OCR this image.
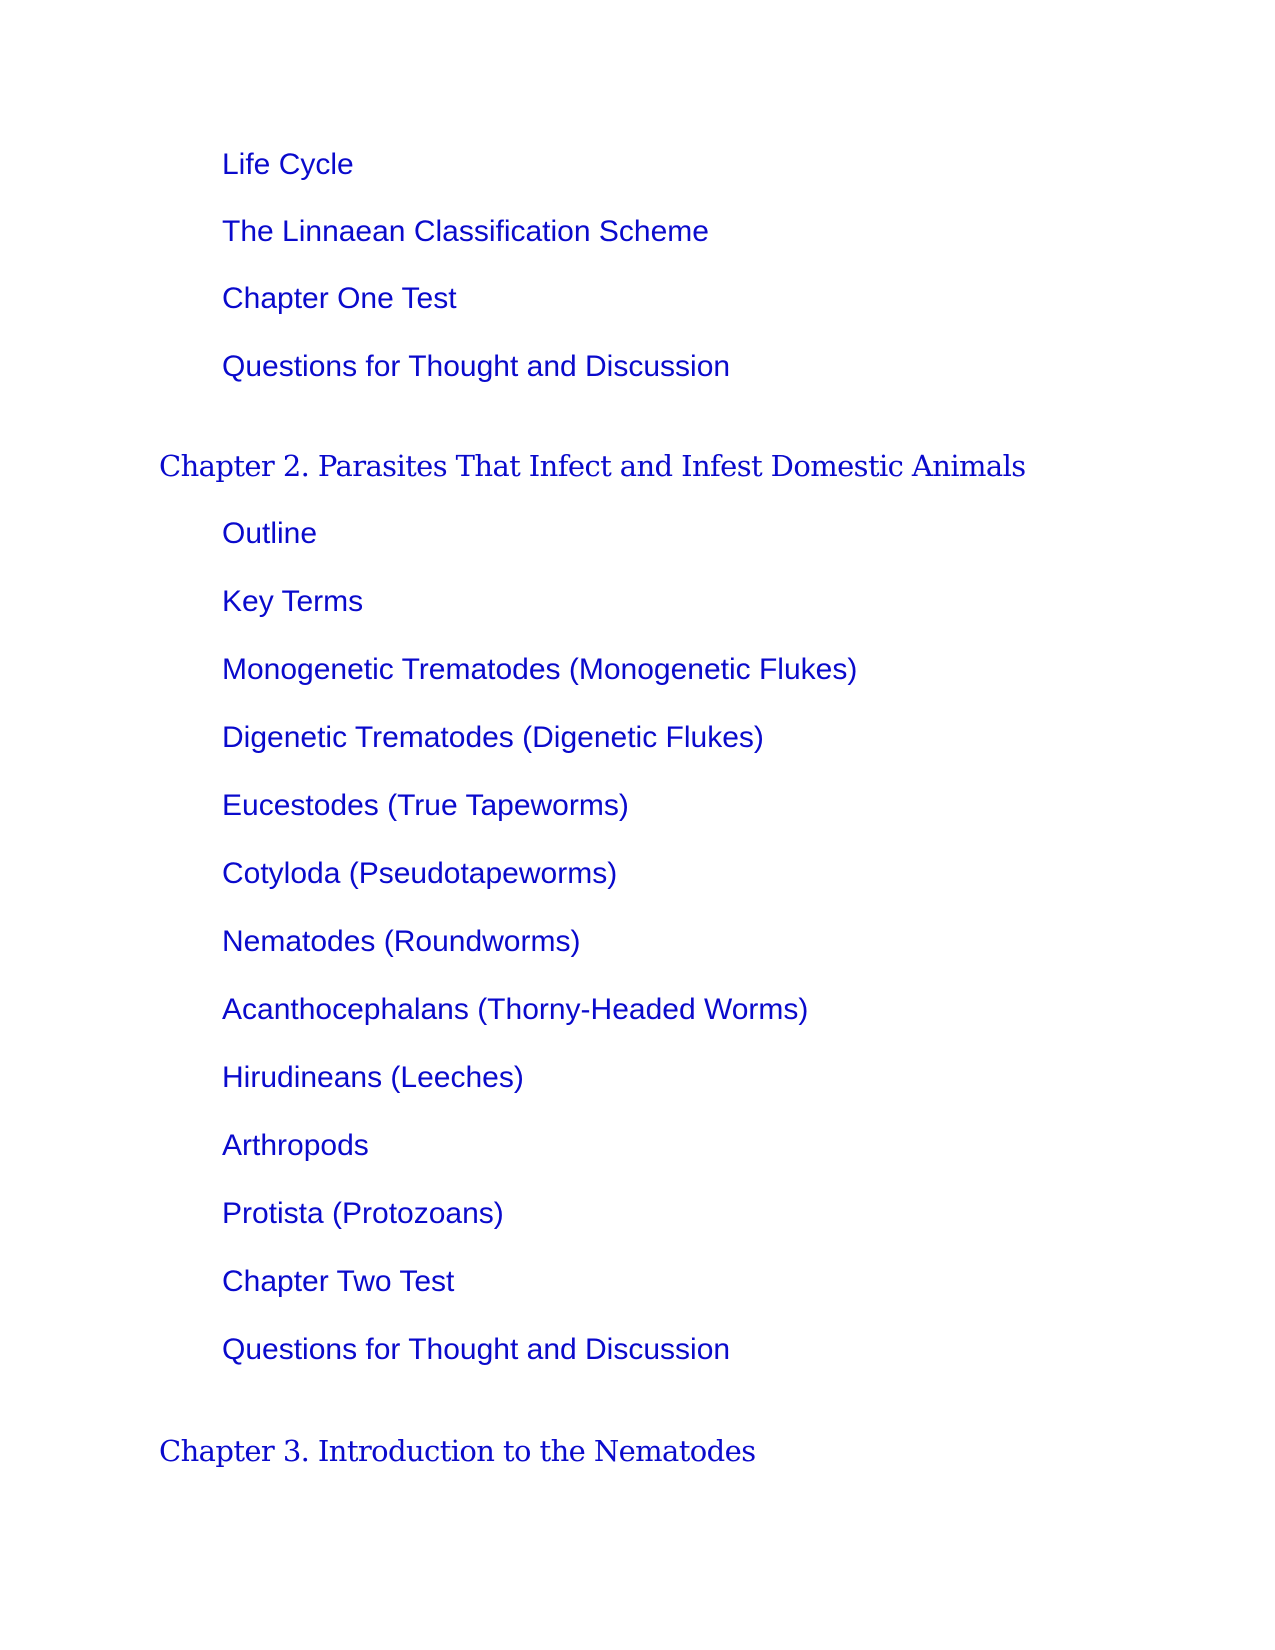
Life Cycle
The Linnaean Classification Scheme
Chapter One Test
Questions for Thought and Discussion
Chapter 2. Parasites That Infect and Infest Domestic Animals
Outline
Key Terms
Monogenetic Trematodes (Monogenetic Flukes)
Digenetic Trematodes (Digenetic Flukes)
Eucestodes (True Tapeworms)
Cotyloda (Pseudotapeworms)
Nematodes (Roundworms)
Acanthocephalans (Thorny-Headed Worms)
Hirudineans (Leeches)
Arthropods
Protista (Protozoans)
Chapter Two Test
Questions for Thought and Discussion
Chapter 3. Introduction to the Nematodes
